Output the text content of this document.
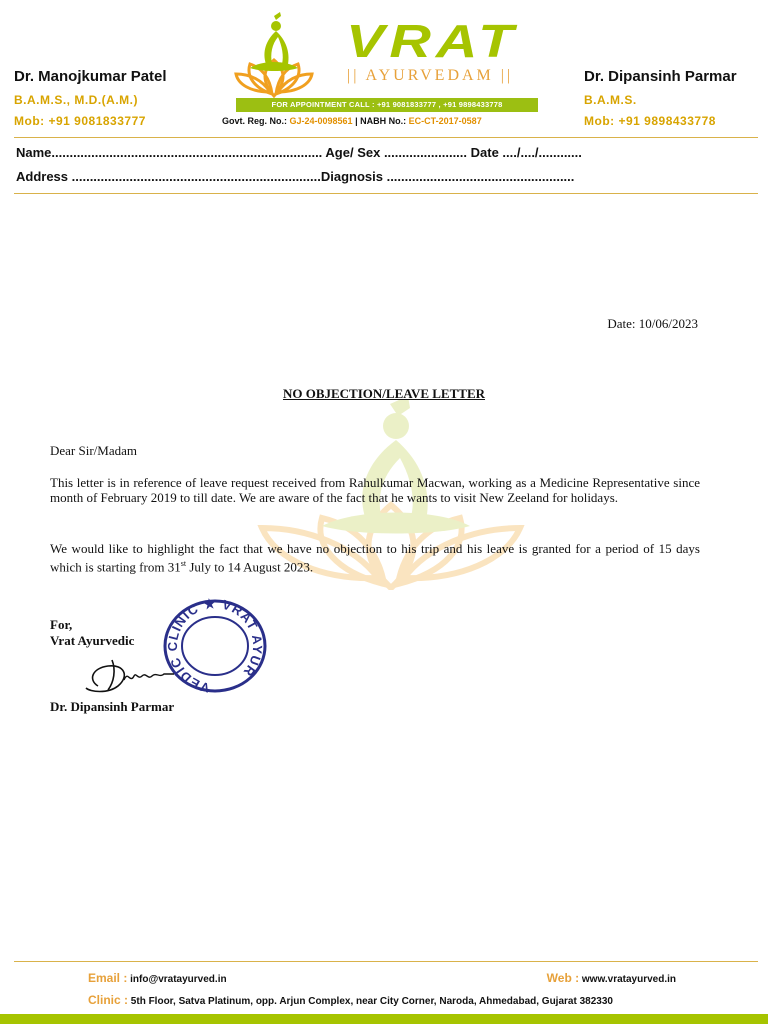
Dr. Manojkumar Patel
B.A.M.S., M.D.(A.M.)
Mob: +91 9081833777
VRAT
|| AYURVEDAM ||
FOR APPOINTMENT CALL : +91 9081833777 , +91 9898433778
Govt. Reg. No.: GJ-24-0098561 | NABH No.: EC-CT-2017-0587
Dr. Dipansinh Parmar
B.A.M.S.
Mob: +91 9898433778
Name........................................................................... Age/ Sex ....................... Date ..../..../............
Address .....................................................................Diagnosis ....................................................
Date: 10/06/2023
NO OBJECTION/LEAVE LETTER
Dear Sir/Madam
This letter is in reference of leave request received from Rahulkumar Macwan, working as a Medicine Representative since month of February 2019 to till date. We are aware of the fact that he wants to visit New Zeeland for holidays.
We would like to highlight the fact that we have no objection to his trip and his leave is granted for a period of 15 days which is starting from 31st July to 14 August 2023.
For,
Vrat Ayurvedic
VEDIC CLINIC ★ VRAT AYUR
Dr. Dipansinh Parmar
Email : info@vratayurved.in	Web : www.vratayurved.in
Clinic : 5th Floor, Satva Platinum, opp. Arjun Complex, near City Corner, Naroda, Ahmedabad, Gujarat 382330
